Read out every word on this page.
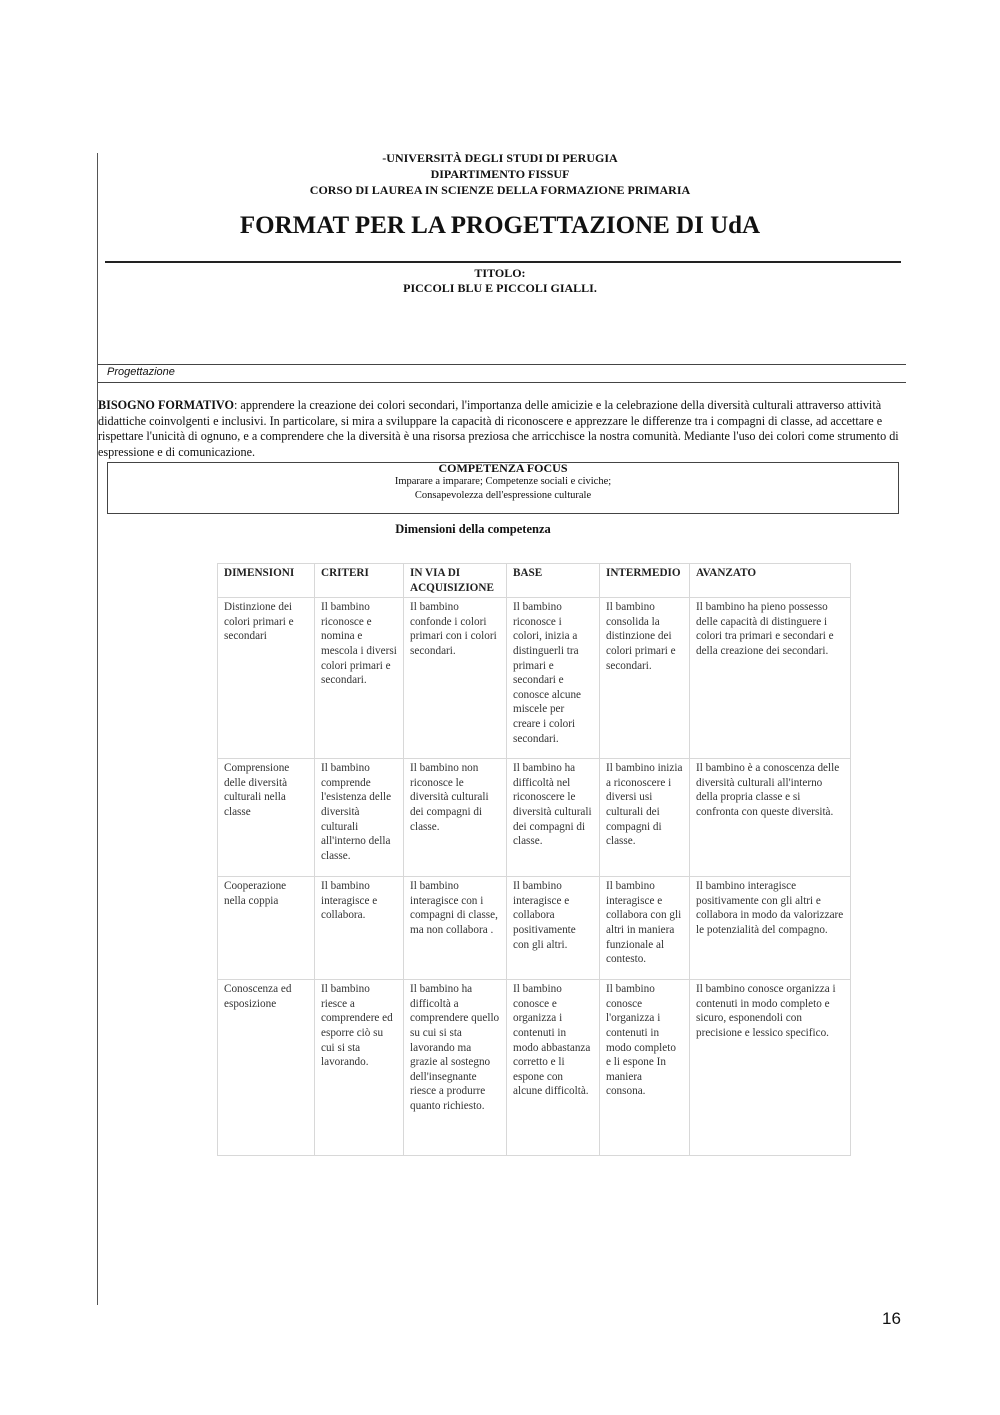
-UNIVERSITÀ DEGLI STUDI DI PERUGIA
DIPARTIMENTO FISSUF
CORSO DI LAUREA IN SCIENZE DELLA FORMAZIONE PRIMARIA
FORMAT PER LA PROGETTAZIONE DI UdA
TITOLO:
PICCOLI BLU E PICCOLI GIALLI.
Progettazione
BISOGNO FORMATIVO: apprendere la creazione dei colori secondari, l'importanza delle amicizie e la celebrazione della diversità culturali attraverso attività didattiche coinvolgenti e inclusivi. In particolare, si mira a sviluppare la capacità di riconoscere e apprezzare le differenze tra i compagni di classe, ad accettare e rispettare l'unicità di ognuno, e a comprendere che la diversità è una risorsa preziosa che arricchisce la nostra comunità. Mediante l'uso dei colori come strumento di espressione e di comunicazione.
COMPETENZA FOCUS
Imparare a imparare; Competenze sociali e civiche;
Consapevolezza dell'espressione culturale
Dimensioni della competenza
DIMENSIONI	CRITERI	IN VIA DI ACQUISIZIONE	BASE	INTERMEDIO	AVANZATO
Distinzione dei colori primari e secondari	Il bambino riconosce e nomina e mescola i diversi colori primari e secondari.	Il bambino confonde i colori primari con i colori secondari.	Il bambino riconosce i colori, inizia a distinguerli tra primari e secondari e conosce alcune miscele per creare i colori secondari.	Il bambino consolida la distinzione dei colori primari e secondari.	Il bambino ha pieno possesso delle capacità di distinguere i colori tra primari e secondari e della creazione dei secondari.
Comprensione delle diversità culturali nella classe	Il bambino comprende l'esistenza delle diversità culturali all'interno della classe.	Il bambino non riconosce le diversità culturali dei compagni di classe.	Il bambino ha difficoltà nel riconoscere le diversità culturali dei compagni di classe.	Il bambino inizia a riconoscere i diversi usi culturali dei compagni di classe.	Il bambino è a conoscenza delle diversità culturali all'interno della propria classe e si confronta con queste diversità.
Cooperazione nella coppia	Il bambino interagisce e collabora.	Il bambino interagisce con i compagni di classe, ma non collabora .	Il bambino interagisce e collabora positivamente con gli altri.	Il bambino interagisce e collabora con gli altri in maniera funzionale al contesto.	Il bambino interagisce positivamente con gli altri e collabora in modo da valorizzare le potenzialità del compagno.
Conoscenza ed esposizione	Il bambino riesce a comprendere ed esporre ciò su cui si sta lavorando.	Il bambino ha difficoltà a comprendere quello su cui si sta lavorando ma grazie al sostegno dell'insegnante riesce a produrre quanto richiesto.	Il bambino conosce e organizza i contenuti in modo abbastanza corretto e li espone con alcune difficoltà.	Il bambino conosce l'organizza i contenuti in modo completo e li espone In maniera consona.	Il bambino conosce organizza i contenuti in modo completo e sicuro, esponendoli con precisione e lessico specifico.
16
